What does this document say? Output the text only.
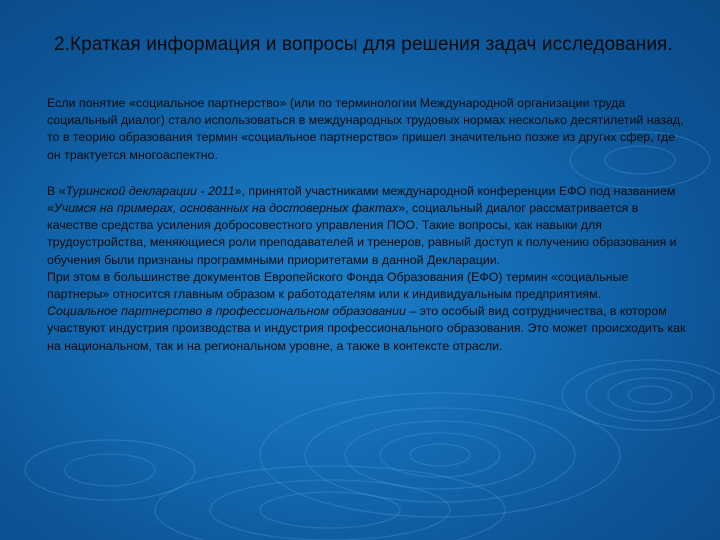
2.Краткая информация и вопросы для решения задач исследования.

Если понятие «социальное партнерство» (или по терминологии Международной организации труда социальный диалог) стало использоваться в международных трудовых нормах несколько десятилетий назад, то в теорию образования термин «социальное партнерство» пришел значительно позже из других сфер, где он трактуется многоаспектно.

В «Туринской декларации - 2011», принятой участниками международной конференции ЕФО под названием «Учимся на примерах, основанных на достоверных фактах», социальный диалог рассматривается в качестве средства усиления добросовестного управления ПОО. Такие вопросы, как навыки для трудоустройства, меняющиеся роли преподавателей и тренеров, равный доступ к получению образования и обучения были признаны программными приоритетами в данной Декларации.

При этом в большинстве документов Европейского Фонда Образования (ЕФО) термин «социальные партнеры» относится главным образом к работодателям или к индивидуальным предприятиям.

Социальное партнерство в профессиональном образовании – это особый вид сотрудничества, в котором участвуют индустрия производства и индустрия профессионального образования. Это может происходить как на национальном, так и на региональном уровне, а также в контексте отрасли.
